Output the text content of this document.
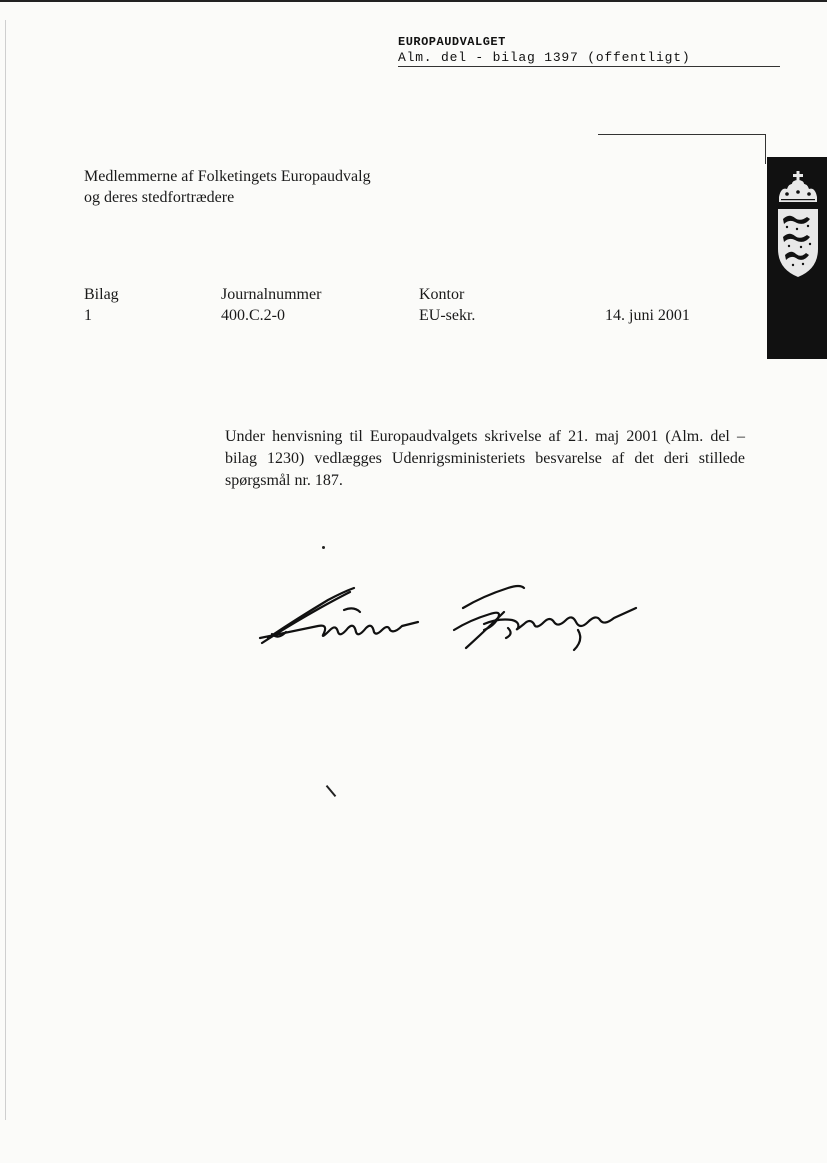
EUROPAUDVALGET
Alm. del - bilag 1397 (offentligt)
Medlemmerne af Folketingets Europaudvalg
og deres stedfortrædere
Bilag
1
Journalnummer
400.C.2-0
Kontor
EU-sekr.	14. juni 2001
Under henvisning til Europaudvalgets skrivelse af 21. maj 2001 (Alm. del – bilag 1230) vedlægges Udenrigsministeriets besvarelse af det deri stillede spørgsmål nr. 187.
